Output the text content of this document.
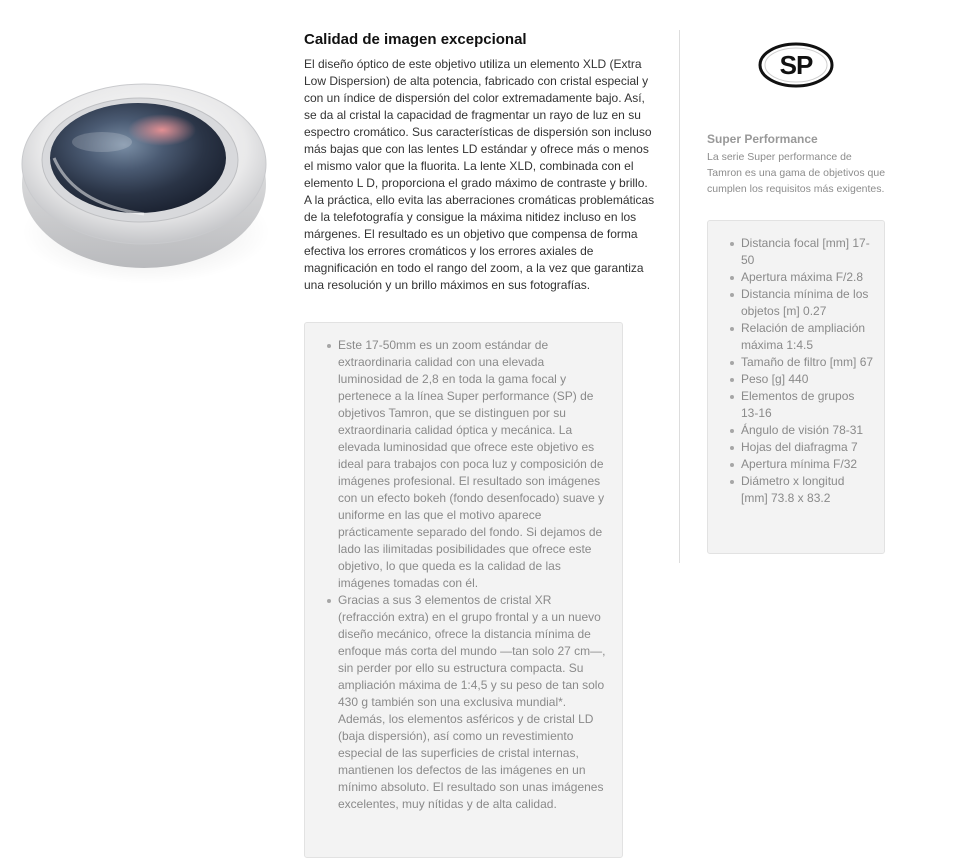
Calidad de imagen excepcional

El diseño óptico de este objetivo utiliza un elemento XLD (Extra Low Dispersion) de alta potencia, fabricado con cristal especial y con un índice de dispersión del color extremadamente bajo. Así, se da al cristal la capacidad de fragmentar un rayo de luz en su espectro cromático. Sus características de dispersión son incluso más bajas que con las lentes LD estándar y ofrece más o menos el mismo valor que la fluorita. La lente XLD, combinada con el elemento L D, proporciona el grado máximo de contraste y brillo. A la práctica, ello evita las aberraciones cromáticas problemáticas de la telefotografía y consigue la máxima nitidez incluso en los márgenes. El resultado es un objetivo que compensa de forma efectiva los errores cromáticos y los errores axiales de magnificación en todo el rango del zoom, a la vez que garantiza una resolución y un brillo máximos en sus fotografías.

Este 17-50mm es un zoom estándar de extraordinaria calidad con una elevada luminosidad de 2,8 en toda la gama focal y pertenece a la línea Super performance (SP) de objetivos Tamron, que se distinguen por su extraordinaria calidad óptica y mecánica. La elevada luminosidad que ofrece este objetivo es ideal para trabajos con poca luz y composición de imágenes profesional. El resultado son imágenes con un efecto bokeh (fondo desenfocado) suave y uniforme en las que el motivo aparece prácticamente separado del fondo. Si dejamos de lado las ilimitadas posibilidades que ofrece este objetivo, lo que queda es la calidad de las imágenes tomadas con él.
Gracias a sus 3 elementos de cristal XR (refracción extra) en el grupo frontal y a un nuevo diseño mecánico, ofrece la distancia mínima de enfoque más corta del mundo —tan solo 27 cm—, sin perder por ello su estructura compacta. Su ampliación máxima de 1:4,5 y su peso de tan solo 430 g también son una exclusiva mundial*. Además, los elementos asféricos y de cristal LD (baja dispersión), así como un revestimiento especial de las superficies de cristal internas, mantienen los defectos de las imágenes en un mínimo absoluto. El resultado son unas imágenes excelentes, muy nítidas y de alta calidad.
SP
Super Performance

La serie Super performance de Tamron es una gama de objetivos que cumplen los requisitos más exigentes.

Distancia focal [mm] 17-50
Apertura máxima F/2.8
Distancia mínima de los objetos [m] 0.27
Relación de ampliación máxima 1:4.5
Tamaño de filtro [mm] 67
Peso [g] 440
Elementos de grupos 13-16
Ángulo de visión 78-31
Hojas del diafragma 7
Apertura mínima F/32
Diámetro x longitud [mm] 73.8 x 83.2
